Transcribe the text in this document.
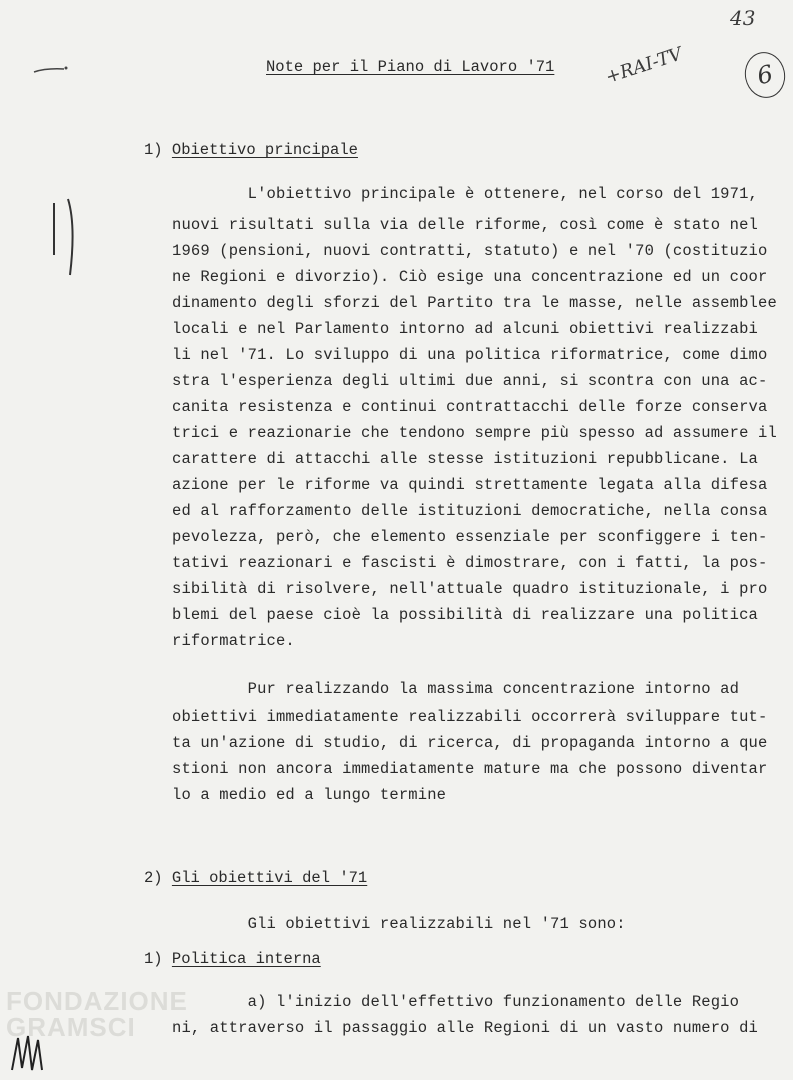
43
6
+RAI-TV
Note per il Piano di Lavoro '71
1) Obiettivo principale
L'obiettivo principale è ottenere, nel corso del 1971,
nuovi risultati sulla via delle riforme, così come è stato nel
1969 (pensioni, nuovi contratti, statuto) e nel '70 (costituzio
ne Regioni e divorzio). Ciò esige una concentrazione ed un coor
dinamento degli sforzi del Partito tra le masse, nelle assemblee
locali e nel Parlamento intorno ad alcuni obiettivi realizzabi
li nel '71. Lo sviluppo di una politica riformatrice, come dimo
stra l'esperienza degli ultimi due anni, si scontra con una ac-
canita resistenza e continui contrattacchi delle forze conserva
trici e reazionarie che tendono sempre più spesso ad assumere il
carattere di attacchi alle stesse istituzioni repubblicane. La
azione per le riforme va quindi strettamente legata alla difesa
ed al rafforzamento delle istituzioni democratiche, nella consa
pevolezza, però, che elemento essenziale per sconfiggere i ten-
tativi reazionari e fascisti è dimostrare, con i fatti, la pos-
sibilità di risolvere, nell'attuale quadro istituzionale, i pro
blemi del paese cioè la possibilità di realizzare una politica
riformatrice.
Pur realizzando la massima concentrazione intorno ad
obiettivi immediatamente realizzabili occorrerà sviluppare tut-
ta un'azione di studio, di ricerca, di propaganda intorno a que
stioni non ancora immediatamente mature ma che possono diventar
lo a medio ed a lungo termine
2) Gli obiettivi del '71
Gli obiettivi realizzabili nel '71 sono:
1) Politica interna
a) l'inizio dell'effettivo funzionamento delle Regio
ni, attraverso il passaggio alle Regioni di un vasto numero di
FONDAZIONE
GRAMSCI
